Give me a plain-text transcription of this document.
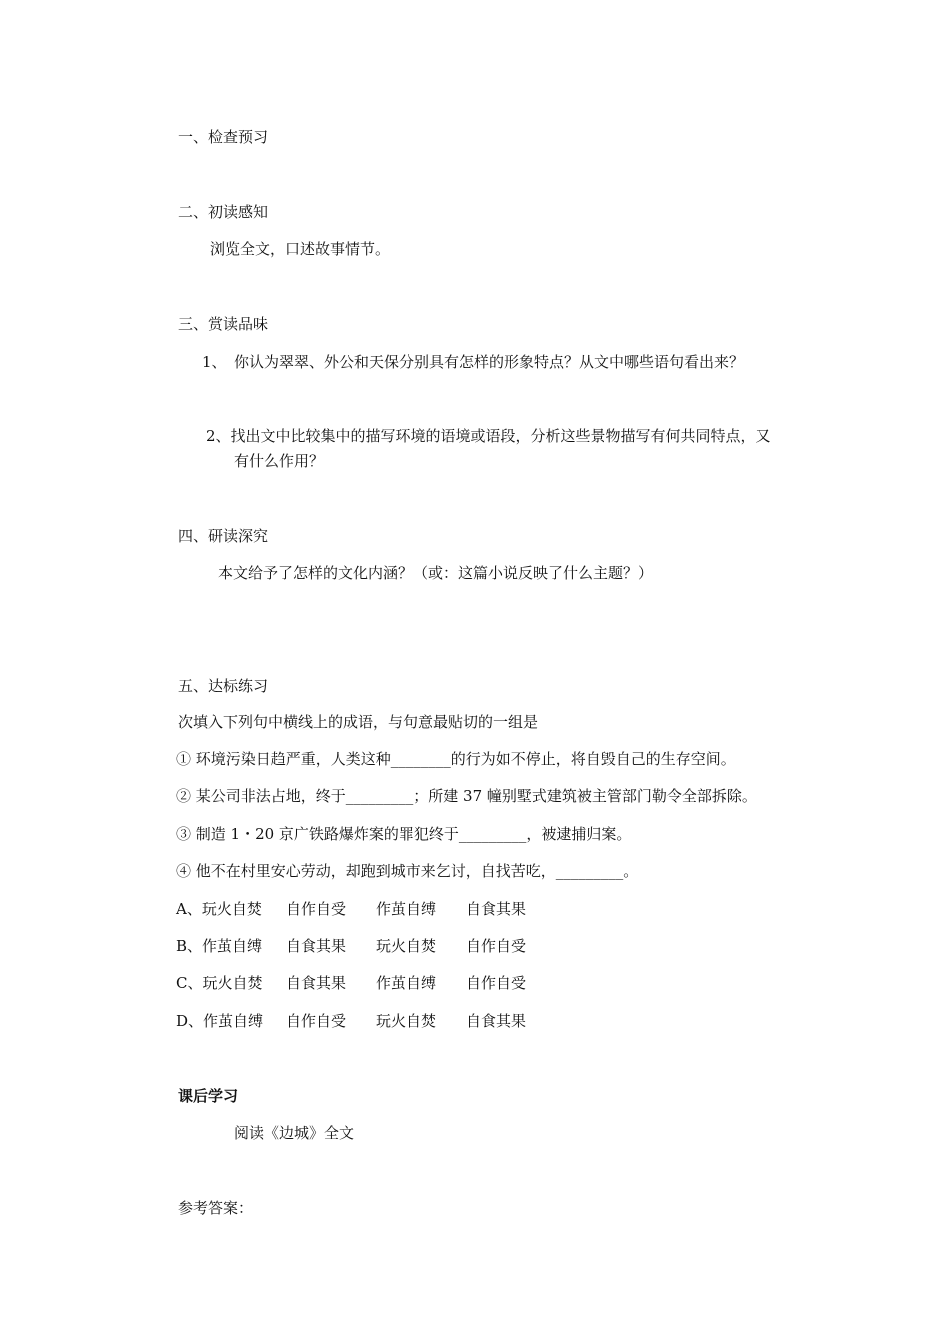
一、检查预习
二、初读感知
浏览全文，口述故事情节。
三、赏读品味
1、 你认为翠翠、外公和天保分别具有怎样的形象特点？从文中哪些语句看出来？
2、找出文中比较集中的描写环境的语境或语段，分析这些景物描写有何共同特点，又
有什么作用？
四、研读深究
本文给予了怎样的文化内涵？（或：这篇小说反映了什么主题？）
五、达标练习
次填入下列句中横线上的成语，与句意最贴切的一组是
① 环境污染日趋严重，人类这种________的行为如不停止，将自毁自己的生存空间。
② 某公司非法占地，终于_________；所建 37 幢别墅式建筑被主管部门勒令全部拆除。
③ 制造 1・20 京广铁路爆炸案的罪犯终于_________，被逮捕归案。
④ 他不在村里安心劳动，却跑到城市来乞讨，自找苦吃，_________。
A、玩火自焚 自作自受 作茧自缚 自食其果
B、作茧自缚 自食其果 玩火自焚 自作自受
C、玩火自焚 自食其果 作茧自缚 自作自受
D、作茧自缚 自作自受 玩火自焚 自食其果
课后学习
阅读《边城》全文
参考答案：
